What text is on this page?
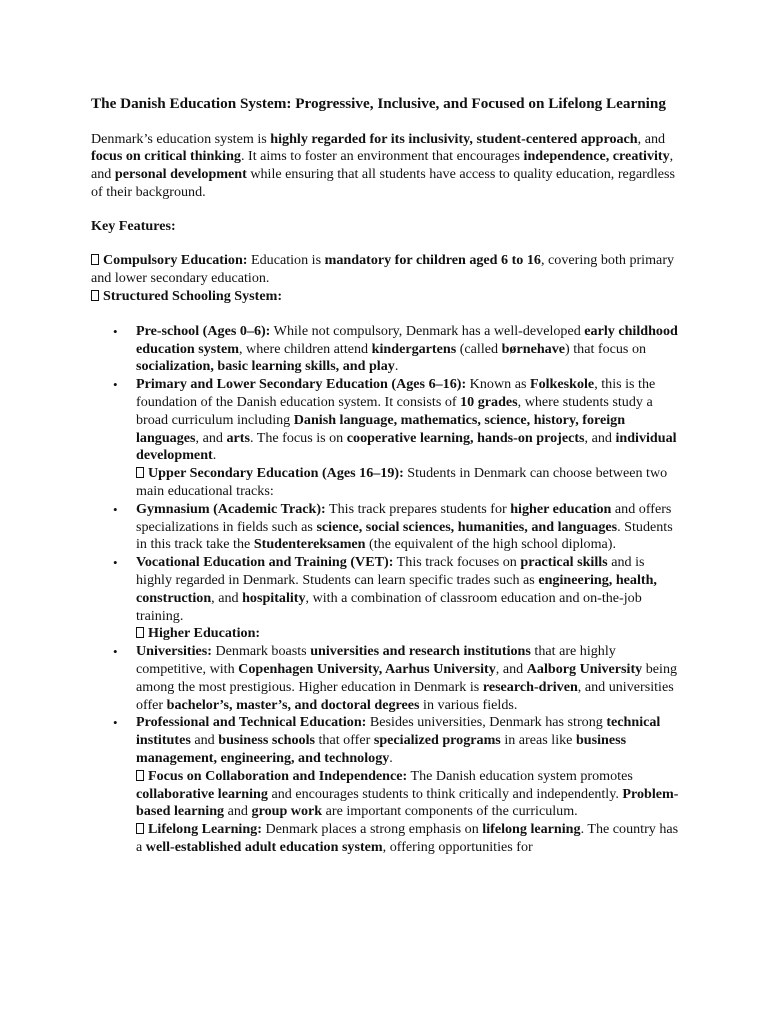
The Danish Education System: Progressive, Inclusive, and Focused on Lifelong Learning
Denmark’s education system is highly regarded for its inclusivity, student-centered approach, and focus on critical thinking. It aims to foster an environment that encourages independence, creativity, and personal development while ensuring that all students have access to quality education, regardless of their background.
Key Features:
Compulsory Education: Education is mandatory for children aged 6 to 16, covering both primary and lower secondary education.
Structured Schooling System:
• Pre-school (Ages 0–6): While not compulsory, Denmark has a well-developed early childhood education system, where children attend kindergartens (called børnehave) that focus on socialization, basic learning skills, and play.
• Primary and Lower Secondary Education (Ages 6–16): Known as Folkeskole, this is the foundation of the Danish education system. It consists of 10 grades, where students study a broad curriculum including Danish language, mathematics, science, history, foreign languages, and arts. The focus is on cooperative learning, hands-on projects, and individual development.
Upper Secondary Education (Ages 16–19): Students in Denmark can choose between two main educational tracks:
• Gymnasium (Academic Track): This track prepares students for higher education and offers specializations in fields such as science, social sciences, humanities, and languages. Students in this track take the Studentereksamen (the equivalent of the high school diploma).
• Vocational Education and Training (VET): This track focuses on practical skills and is highly regarded in Denmark. Students can learn specific trades such as engineering, health, construction, and hospitality, with a combination of classroom education and on-the-job training.
Higher Education:
• Universities: Denmark boasts universities and research institutions that are highly competitive, with Copenhagen University, Aarhus University, and Aalborg University being among the most prestigious. Higher education in Denmark is research-driven, and universities offer bachelor’s, master’s, and doctoral degrees in various fields.
• Professional and Technical Education: Besides universities, Denmark has strong technical institutes and business schools that offer specialized programs in areas like business management, engineering, and technology.
Focus on Collaboration and Independence: The Danish education system promotes collaborative learning and encourages students to think critically and independently. Problem-based learning and group work are important components of the curriculum.
Lifelong Learning: Denmark places a strong emphasis on lifelong learning. The country has a well-established adult education system, offering opportunities for
